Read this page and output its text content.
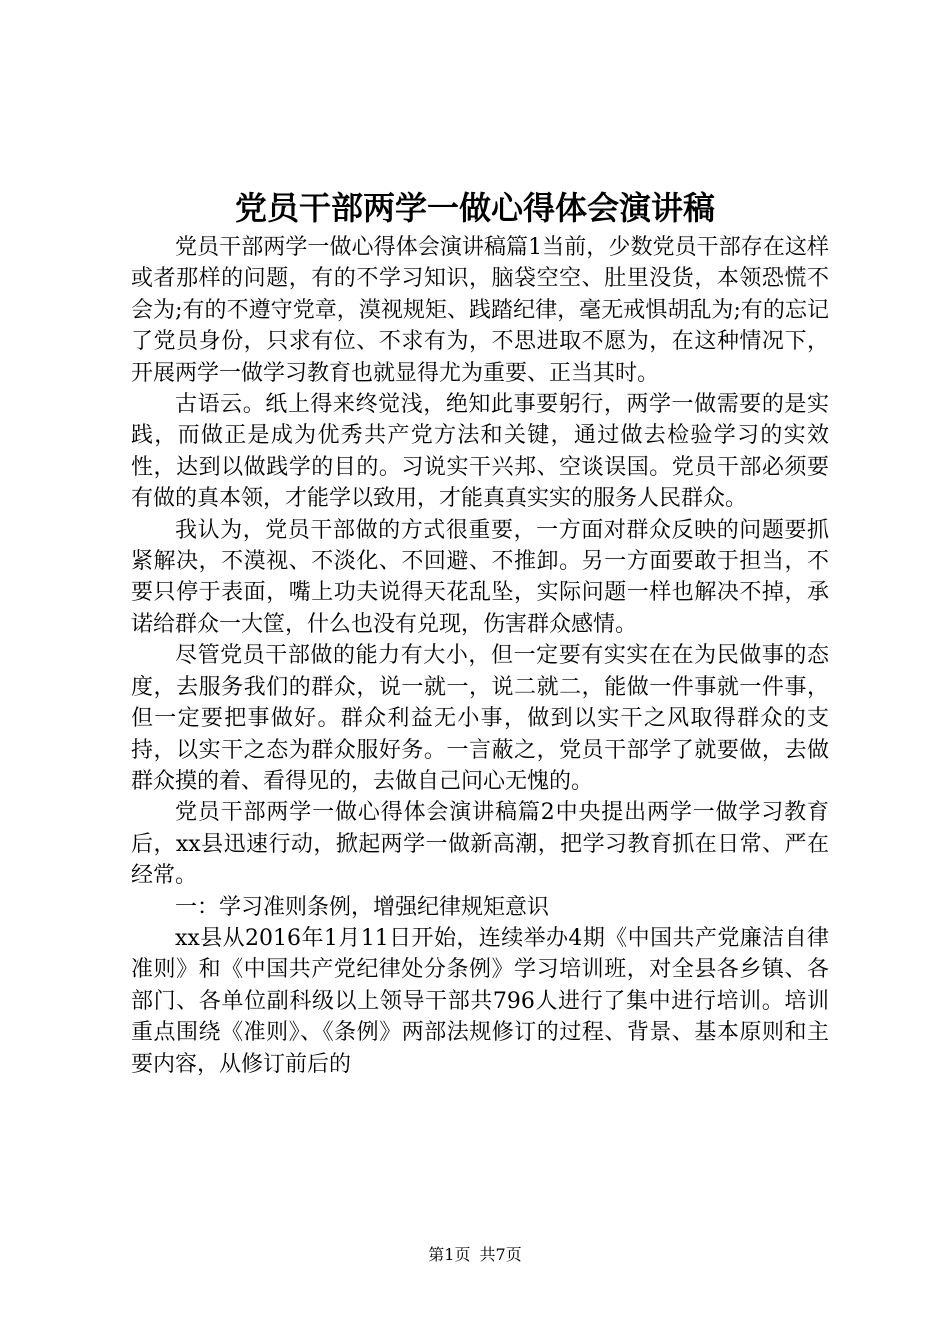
党员干部两学一做心得体会演讲稿

党员干部两学一做心得体会演讲稿篇1当前，少数党员干部存在这样或者那样的问题，有的不学习知识，脑袋空空、肚里没货，本领恐慌不会为;有的不遵守党章，漠视规矩、践踏纪律，毫无戒惧胡乱为;有的忘记了党员身份，只求有位、不求有为，不思进取不愿为，在这种情况下，开展两学一做学习教育也就显得尤为重要、正当其时。

古语云。纸上得来终觉浅，绝知此事要躬行，两学一做需要的是实践，而做正是成为优秀共产党方法和关键，通过做去检验学习的实效性，达到以做践学的目的。习说实干兴邦、空谈误国。党员干部必须要有做的真本领，才能学以致用，才能真真实实的服务人民群众。

我认为，党员干部做的方式很重要，一方面对群众反映的问题要抓紧解决，不漠视、不淡化、不回避、不推卸。另一方面要敢于担当，不要只停于表面，嘴上功夫说得天花乱坠，实际问题一样也解决不掉，承诺给群众一大筐，什么也没有兑现，伤害群众感情。

尽管党员干部做的能力有大小，但一定要有实实在在为民做事的态度，去服务我们的群众，说一就一，说二就二，能做一件事就一件事，但一定要把事做好。群众利益无小事，做到以实干之风取得群众的支持，以实干之态为群众服好务。一言蔽之，党员干部学了就要做，去做群众摸的着、看得见的，去做自己问心无愧的。

党员干部两学一做心得体会演讲稿篇2中央提出两学一做学习教育后，xx县迅速行动，掀起两学一做新高潮，把学习教育抓在日常、严在经常。

一：学习准则条例，增强纪律规矩意识

xx县从2016年1月11日开始，连续举办4期《中国共产党廉洁自律准则》和《中国共产党纪律处分条例》学习培训班，对全县各乡镇、各部门、各单位副科级以上领导干部共796人进行了集中进行培训。培训重点围绕《准则》、《条例》两部法规修订的过程、背景、基本原则和主要内容，从修订前后的

第1页 共7页
